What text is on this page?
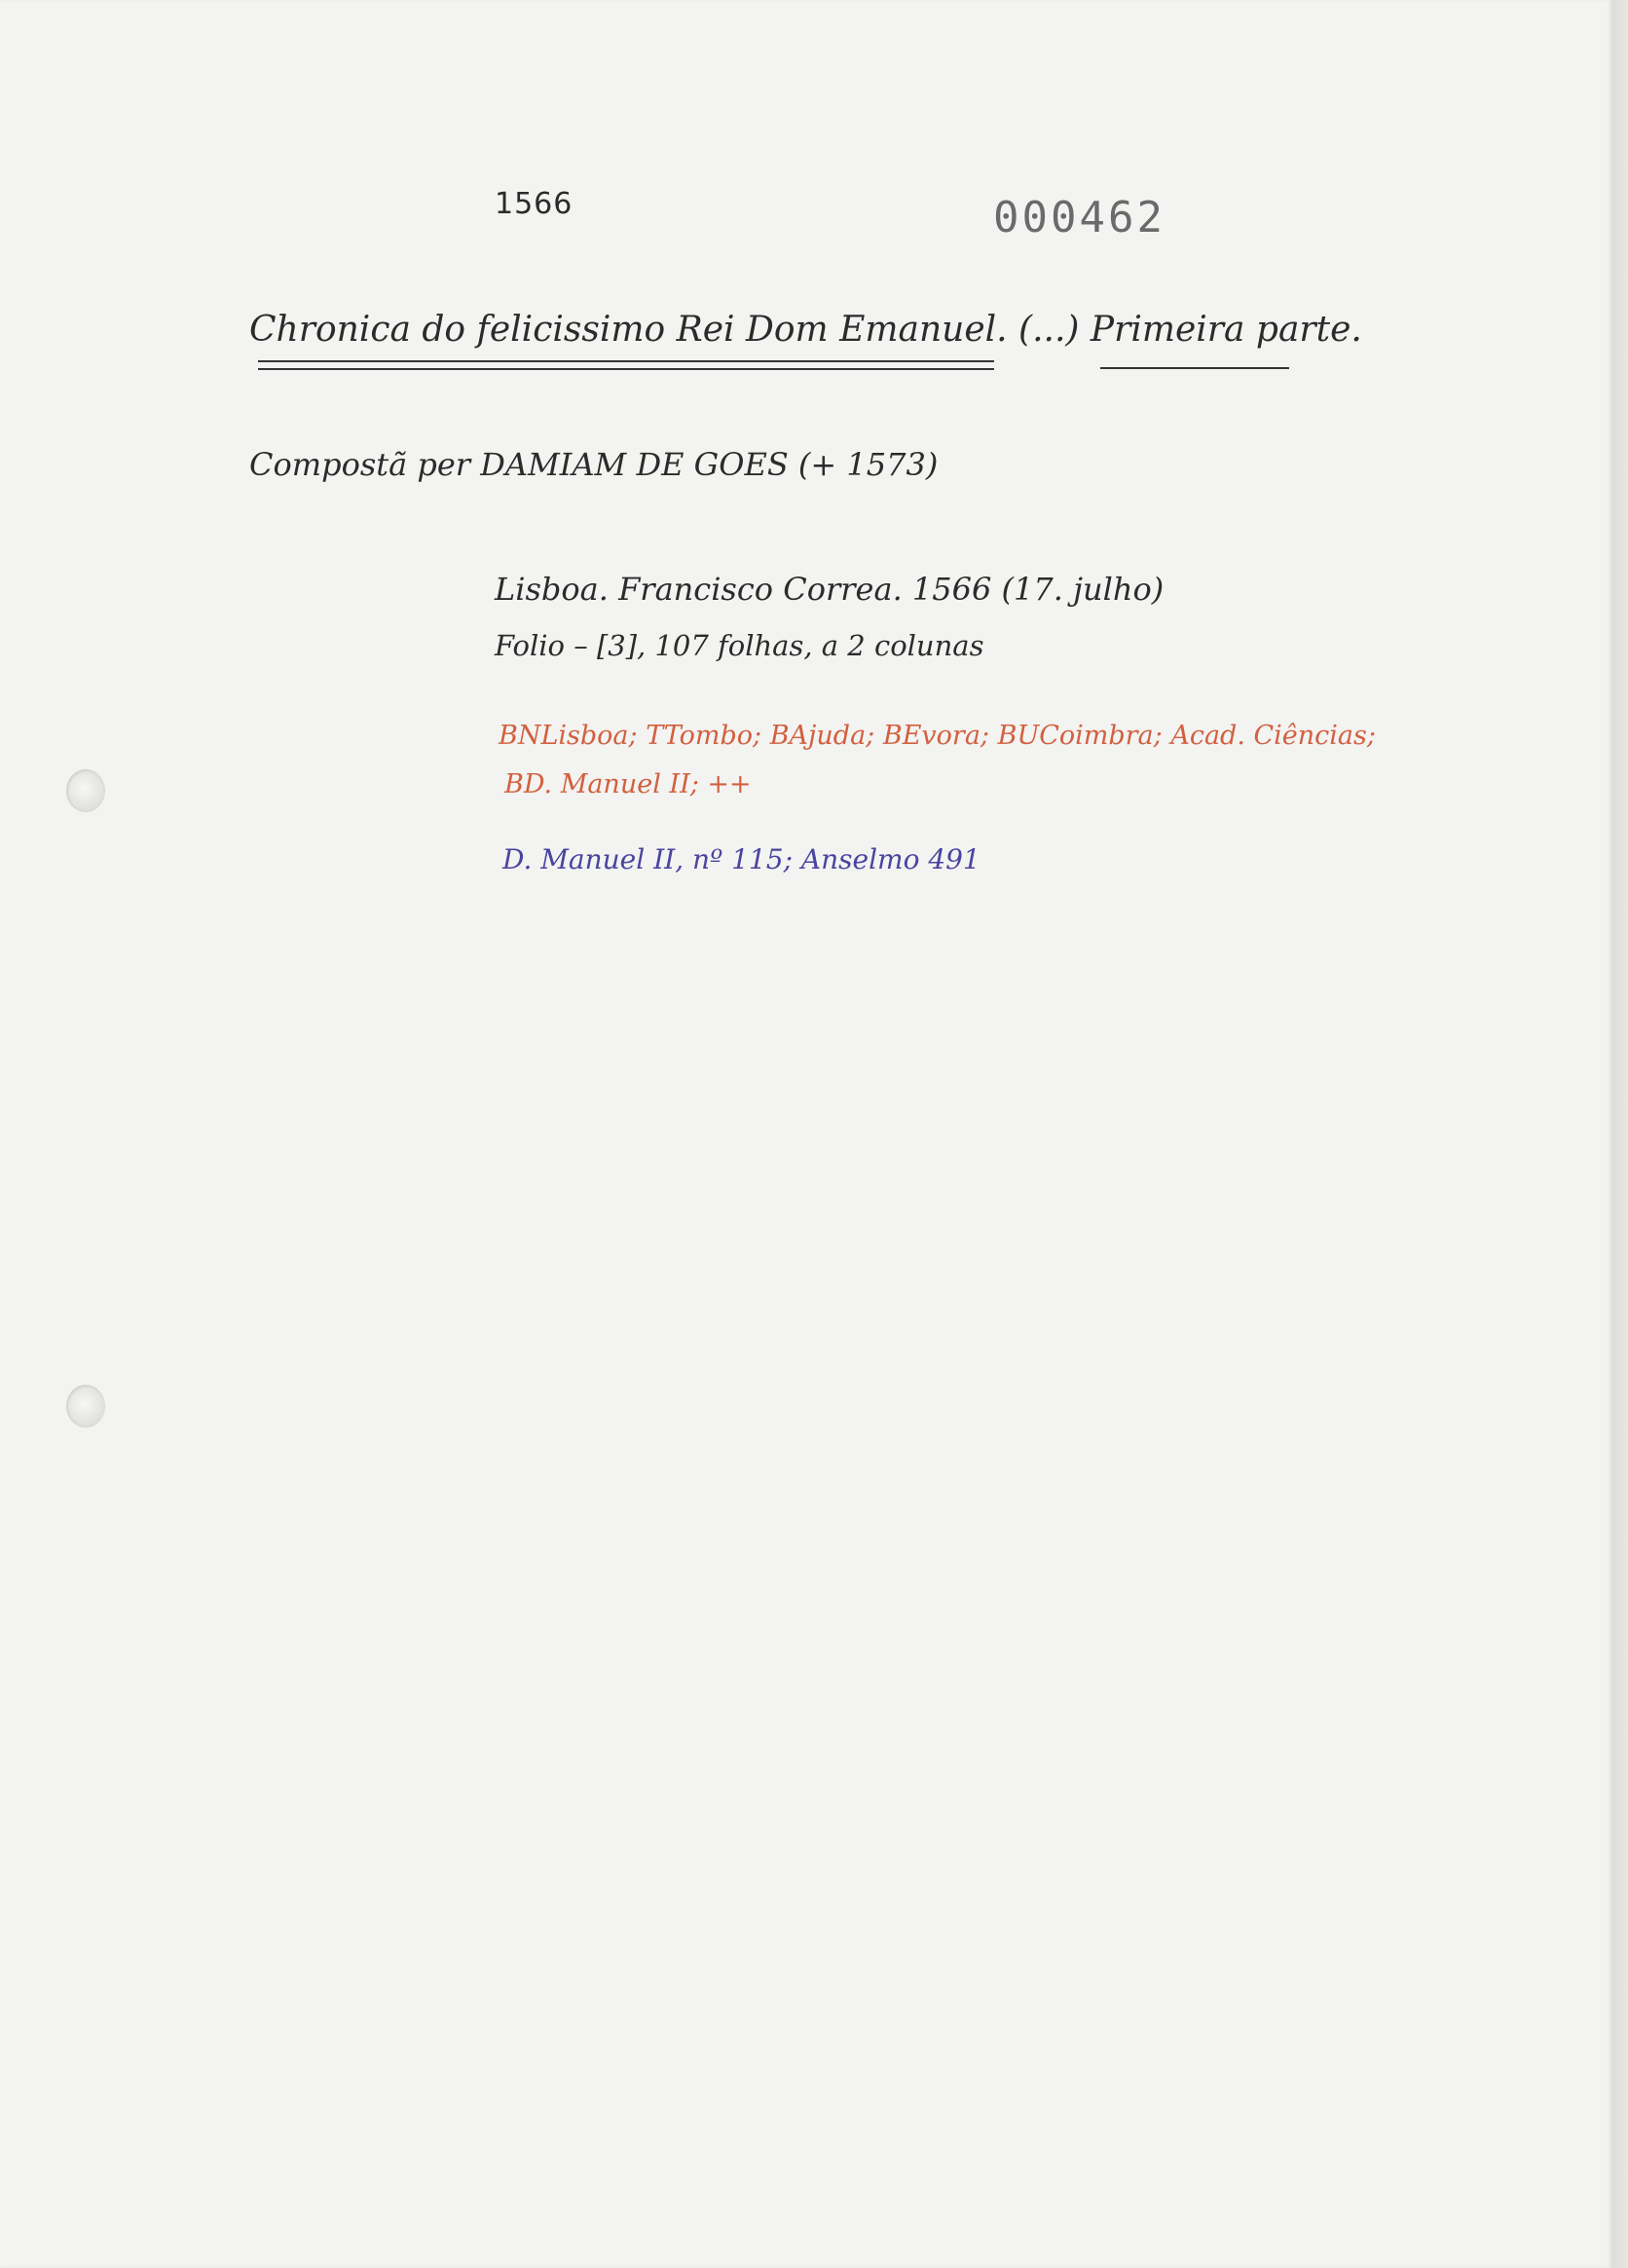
1566	000462
Chronica do felicissimo Rei Dom Emanuel. (...) Primeira parte.
Compostã per DAMIAM DE GOES (+ 1573)
Lisboa. Francisco Correa. 1566 (17. julho)
Folio – [3], 107 folhas, a 2 colunas
BNLisboa; TTombo; BAjuda; BEvora; BUCoimbra; Acad. Ciências;
BD. Manuel II; ++
D. Manuel II, nº 115; Anselmo 491
